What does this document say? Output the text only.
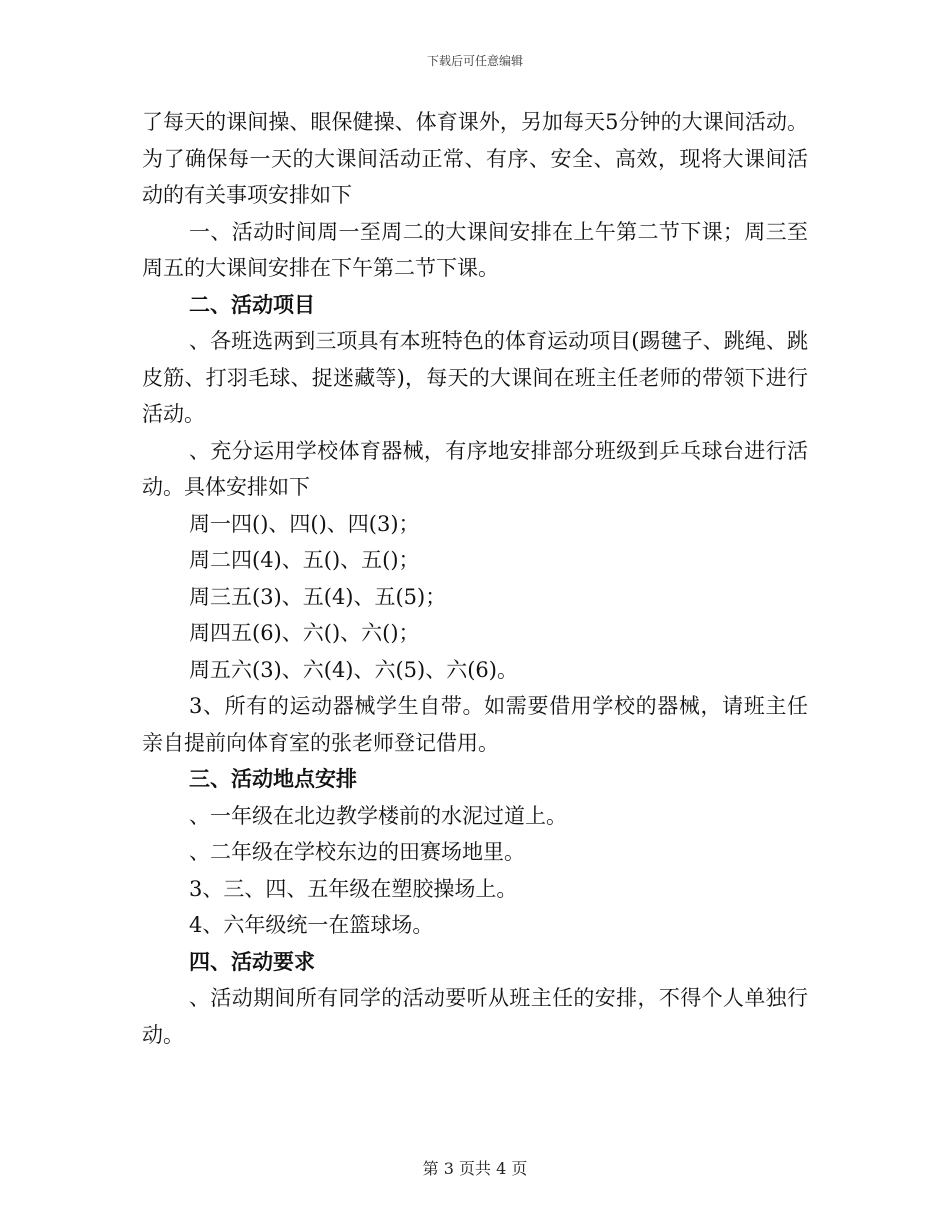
下载后可任意编辑

了每天的课间操、眼保健操、体育课外，另加每天5分钟的大课间活动。为了确保每一天的大课间活动正常、有序、安全、高效，现将大课间活动的有关事项安排如下

一、活动时间周一至周二的大课间安排在上午第二节下课；周三至周五的大课间安排在下午第二节下课。

二、活动项目

、各班选两到三项具有本班特色的体育运动项目(踢毽子、跳绳、跳皮筋、打羽毛球、捉迷藏等)，每天的大课间在班主任老师的带领下进行活动。

、充分运用学校体育器械，有序地安排部分班级到乒乓球台进行活动。具体安排如下

周一四()、四()、四(3)；

周二四(4)、五()、五()；

周三五(3)、五(4)、五(5)；

周四五(6)、六()、六()；

周五六(3)、六(4)、六(5)、六(6)。

3、所有的运动器械学生自带。如需要借用学校的器械，请班主任亲自提前向体育室的张老师登记借用。

三、活动地点安排

、一年级在北边教学楼前的水泥过道上。

、二年级在学校东边的田赛场地里。

3、三、四、五年级在塑胶操场上。

4、六年级统一在篮球场。

四、活动要求

、活动期间所有同学的活动要听从班主任的安排，不得个人单独行动。

第 3 页共 4 页
